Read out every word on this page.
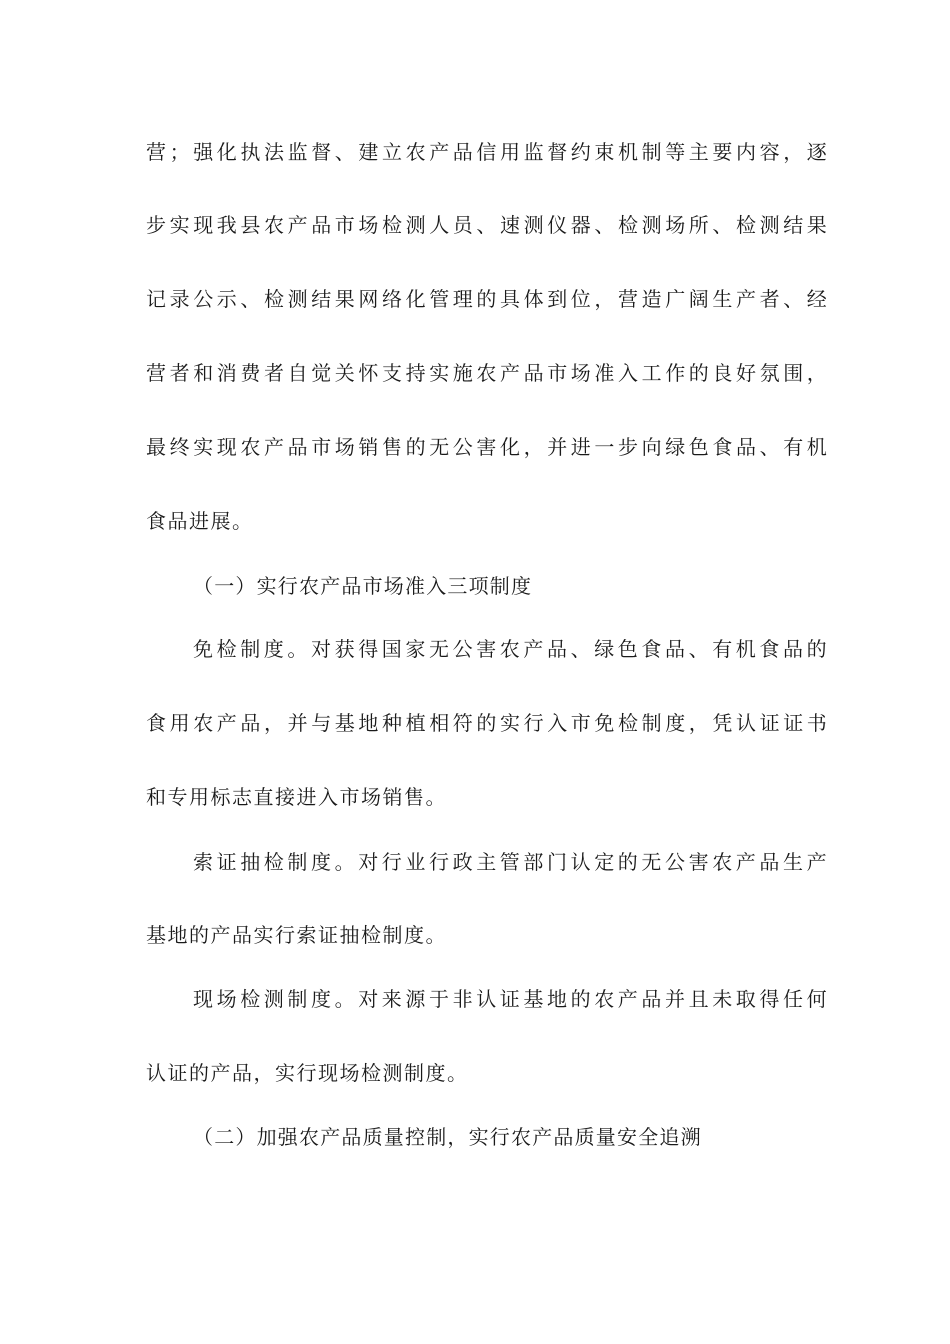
营；强化执法监督、建立农产品信用监督约束机制等主要内容，逐
步实现我县农产品市场检测人员、速测仪器、检测场所、检测结果
记录公示、检测结果网络化管理的具体到位，营造广阔生产者、经
营者和消费者自觉关怀支持实施农产品市场准入工作的良好氛围，
最终实现农产品市场销售的无公害化，并进一步向绿色食品、有机
食品进展。
（一）实行农产品市场准入三项制度
免检制度。对获得国家无公害农产品、绿色食品、有机食品的
食用农产品，并与基地种植相符的实行入市免检制度，凭认证证书
和专用标志直接进入市场销售。
索证抽检制度。对行业行政主管部门认定的无公害农产品生产
基地的产品实行索证抽检制度。
现场检测制度。对来源于非认证基地的农产品并且未取得任何
认证的产品，实行现场检测制度。
（二）加强农产品质量控制，实行农产品质量安全追溯
